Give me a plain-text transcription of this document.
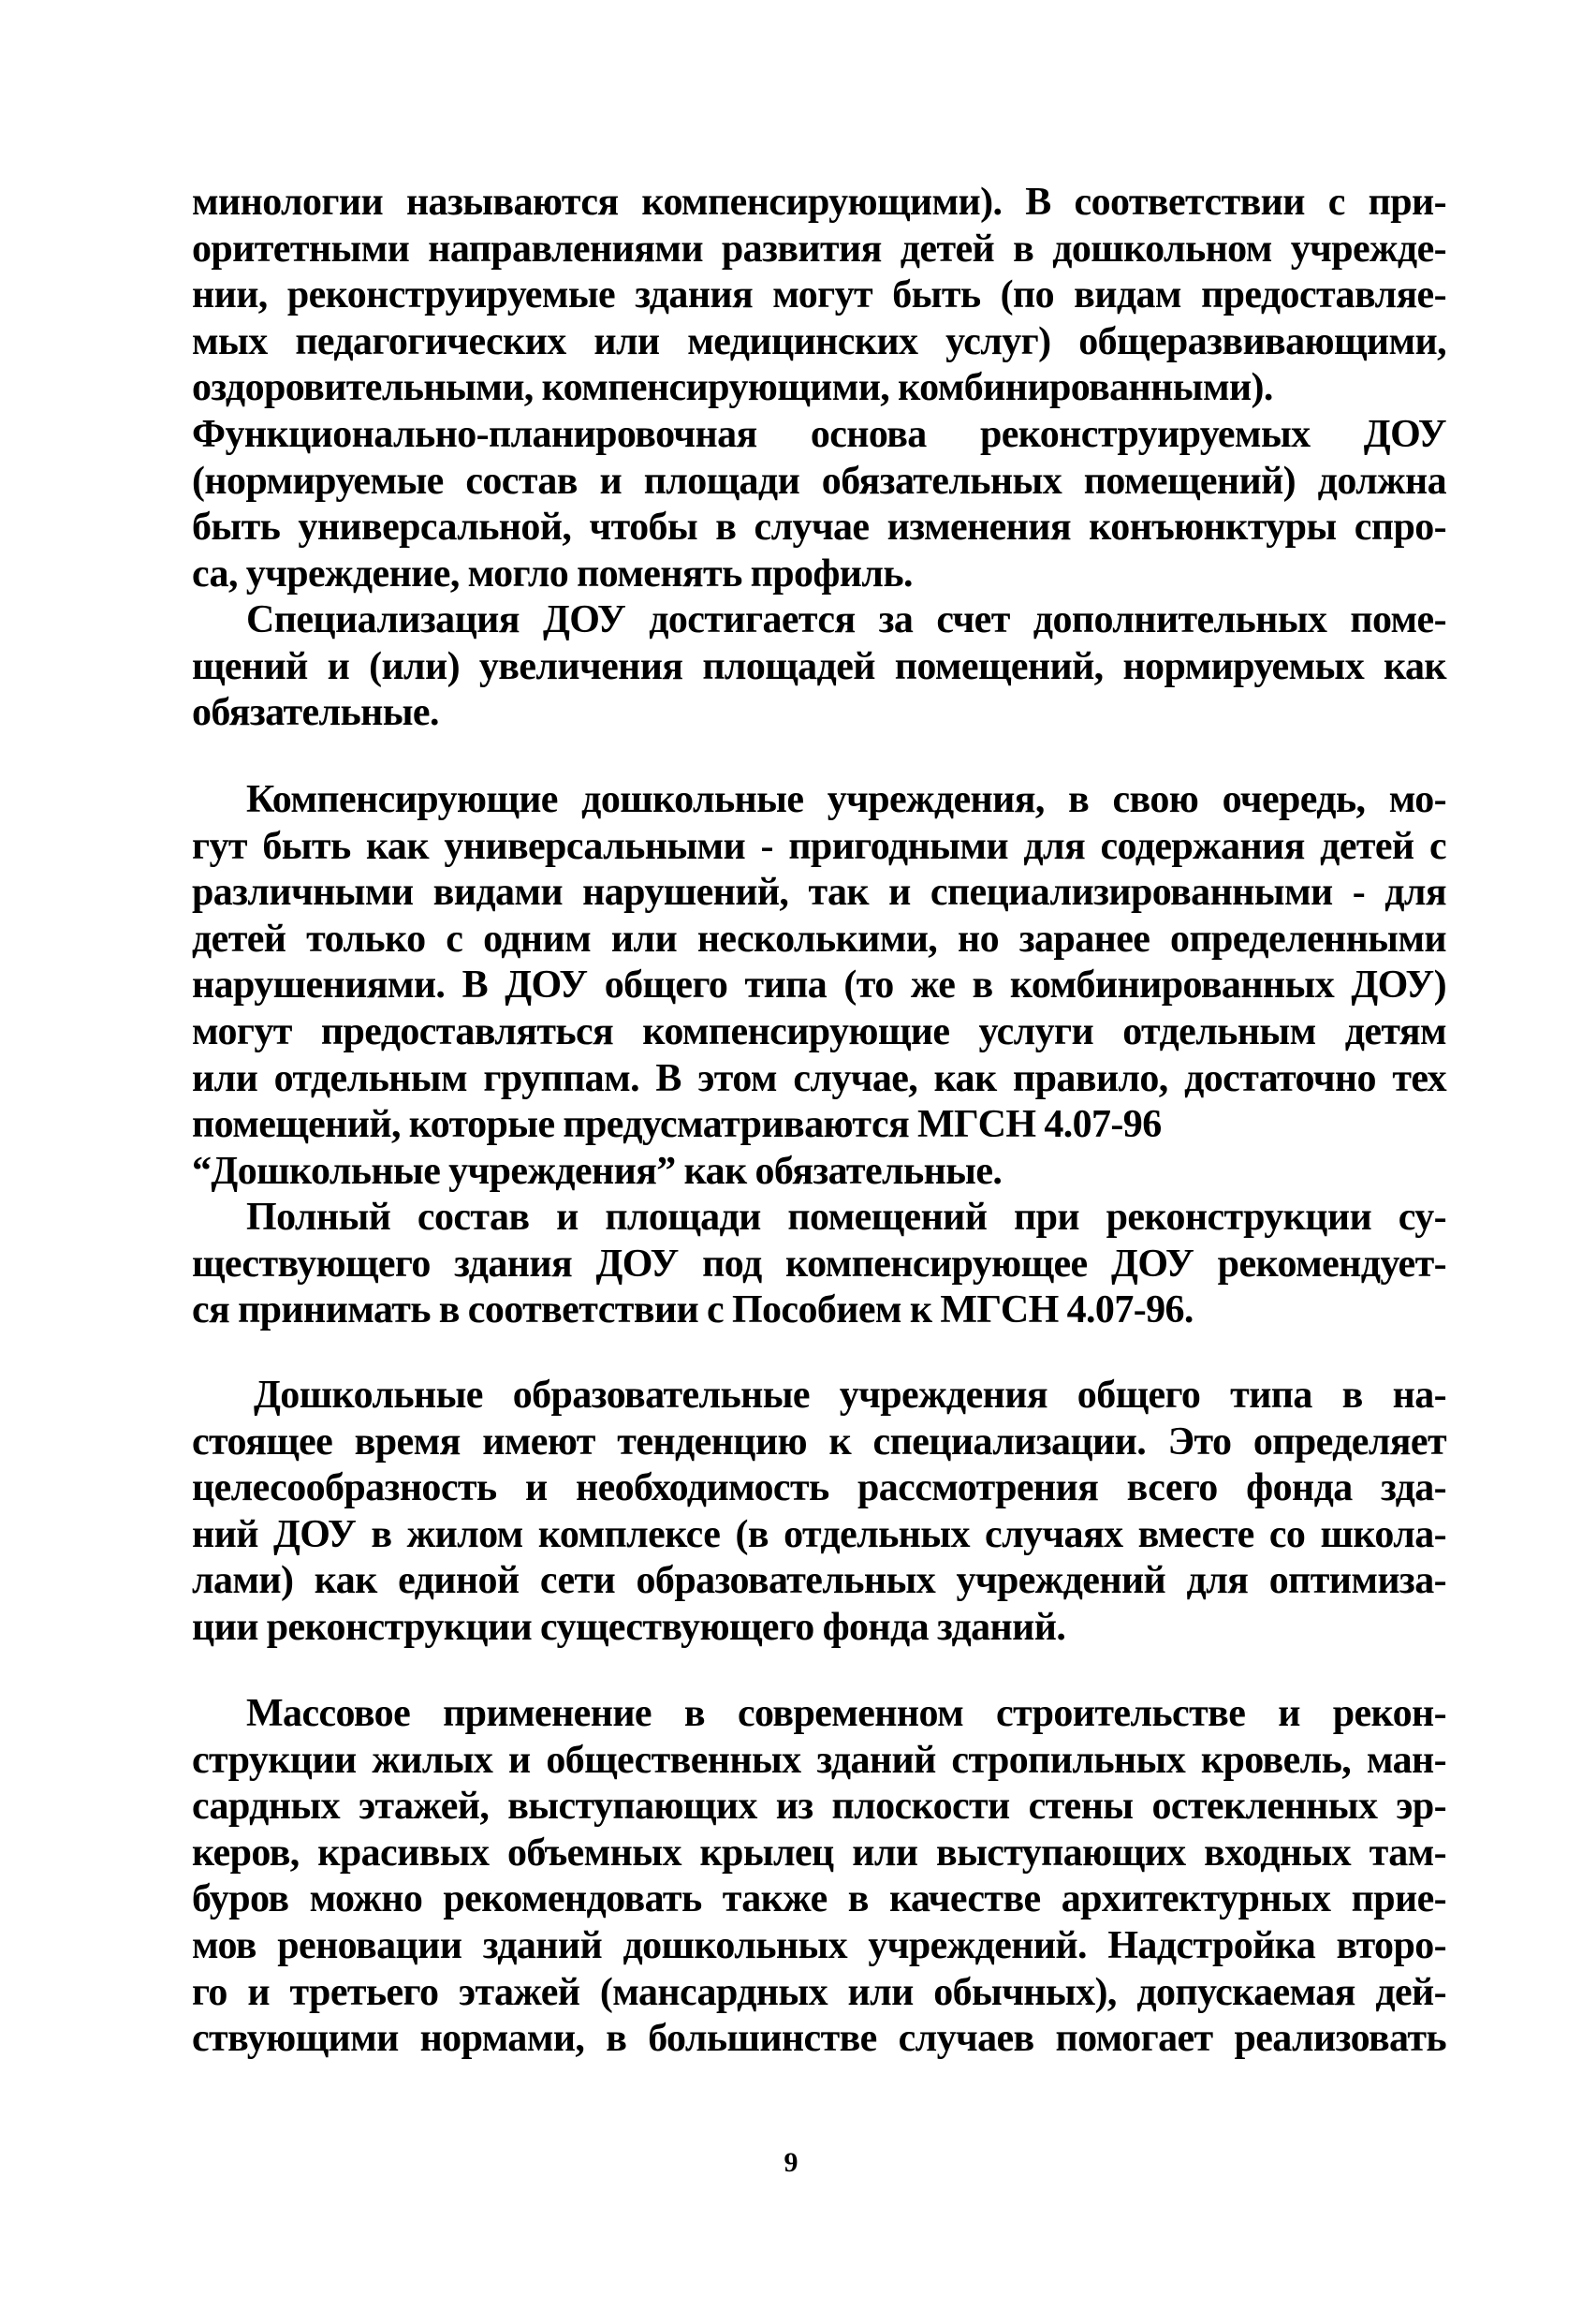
минологии называются компенсирующими). В соответствии с при-
оритетными направлениями развития детей в дошкольном учрежде-
нии, реконструируемые здания могут быть (по видам предоставляе-
мых педагогических или медицинских услуг) общеразвивающими,
оздоровительными, компенсирующими, комбинированными).
Функционально-планировочная основа реконструируемых ДОУ
(нормируемые состав и площади обязательных помещений) должна
быть универсальной, чтобы в случае изменения конъюнктуры спро-
са, учреждение, могло поменять профиль.
Специализация ДОУ достигается за счет дополнительных поме-
щений и (или) увеличения площадей помещений, нормируемых как
обязательные.
Компенсирующие дошкольные учреждения, в свою очередь, мо-
гут быть как универсальными - пригодными для содержания детей с
различными видами нарушений, так и специализированными - для
детей только с одним или несколькими, но заранее определенными
нарушениями. В ДОУ общего типа (то же в комбинированных ДОУ)
могут предоставляться компенсирующие услуги отдельным детям
или отдельным группам. В этом случае, как правило, достаточно тех
помещений, которые предусматриваются МГСН 4.07-96
“Дошкольные учреждения” как обязательные.
Полный состав и площади помещений при реконструкции су-
ществующего здания ДОУ под компенсирующее ДОУ рекомендует-
ся принимать в соответствии с Пособием к МГСН 4.07-96.
Дошкольные образовательные учреждения общего типа в на-
стоящее время имеют тенденцию к специализации. Это определяет
целесообразность и необходимость рассмотрения всего фонда зда-
ний ДОУ в жилом комплексе (в отдельных случаях вместе со школа-
лами) как единой сети образовательных учреждений для оптимиза-
ции реконструкции существующего фонда зданий.
Массовое применение в современном строительстве и рекон-
струкции жилых и общественных зданий стропильных кровель, ман-
сардных этажей, выступающих из плоскости стены остекленных эр-
керов, красивых объемных крылец или выступающих входных там-
буров можно рекомендовать также в качестве архитектурных прие-
мов реновации зданий дошкольных учреждений. Надстройка второ-
го и третьего этажей (мансардных или обычных), допускаемая дей-
ствующими нормами, в большинстве случаев помогает реализовать
9
